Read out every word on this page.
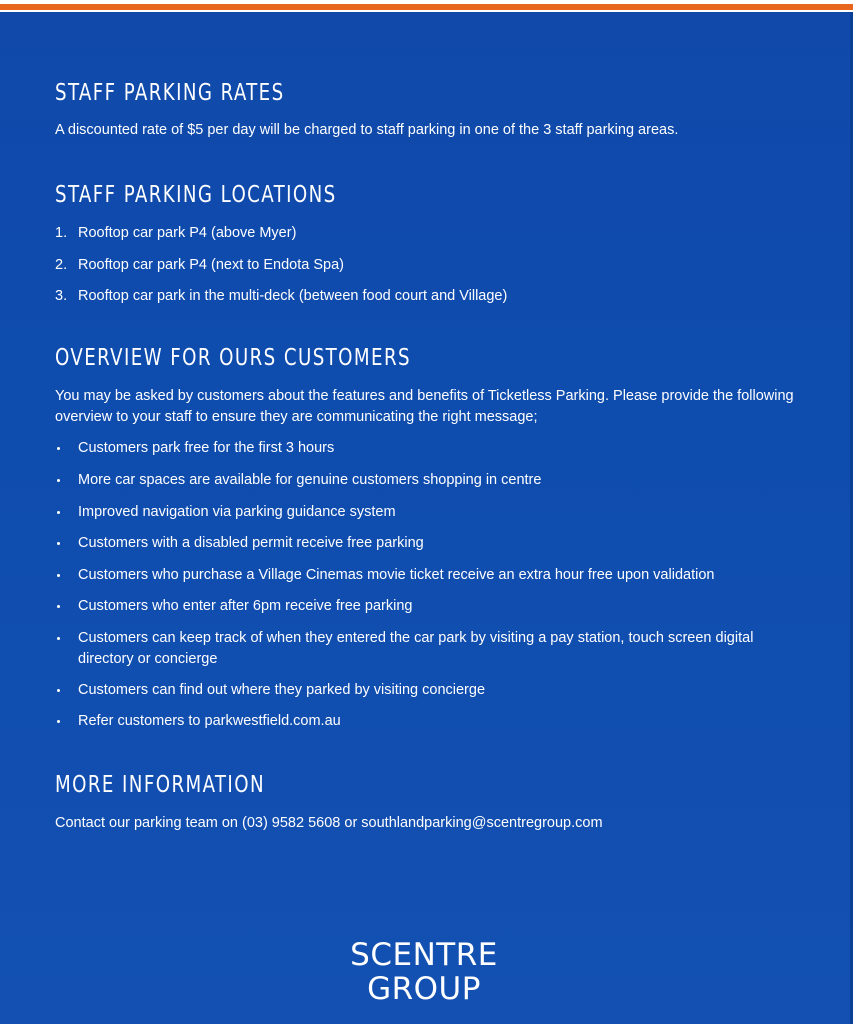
STAFF PARKING RATES

A discounted rate of $5 per day will be charged to staff parking in one of the 3 staff parking areas.

STAFF PARKING LOCATIONS
1. Rooftop car park P4 (above Myer)
2. Rooftop car park P4 (next to Endota Spa)
3. Rooftop car park in the multi-deck (between food court and Village)
OVERVIEW FOR OURS CUSTOMERS

You may be asked by customers about the features and benefits of Ticketless Parking. Please provide the following overview to your staff to ensure they are communicating the right message;

Customers park free for the first 3 hours
More car spaces are available for genuine customers shopping in centre
Improved navigation via parking guidance system
Customers with a disabled permit receive free parking
Customers who purchase a Village Cinemas movie ticket receive an extra hour free upon validation
Customers who enter after 6pm receive free parking
Customers can keep track of when they entered the car park by visiting a pay station, touch screen digital directory or concierge
Customers can find out where they parked by visiting concierge
Refer customers to parkwestfield.com.au
MORE INFORMATION

Contact our parking team on (03) 9582 5608 or southlandparking@scentregroup.com

SCENTRE
GROUP
